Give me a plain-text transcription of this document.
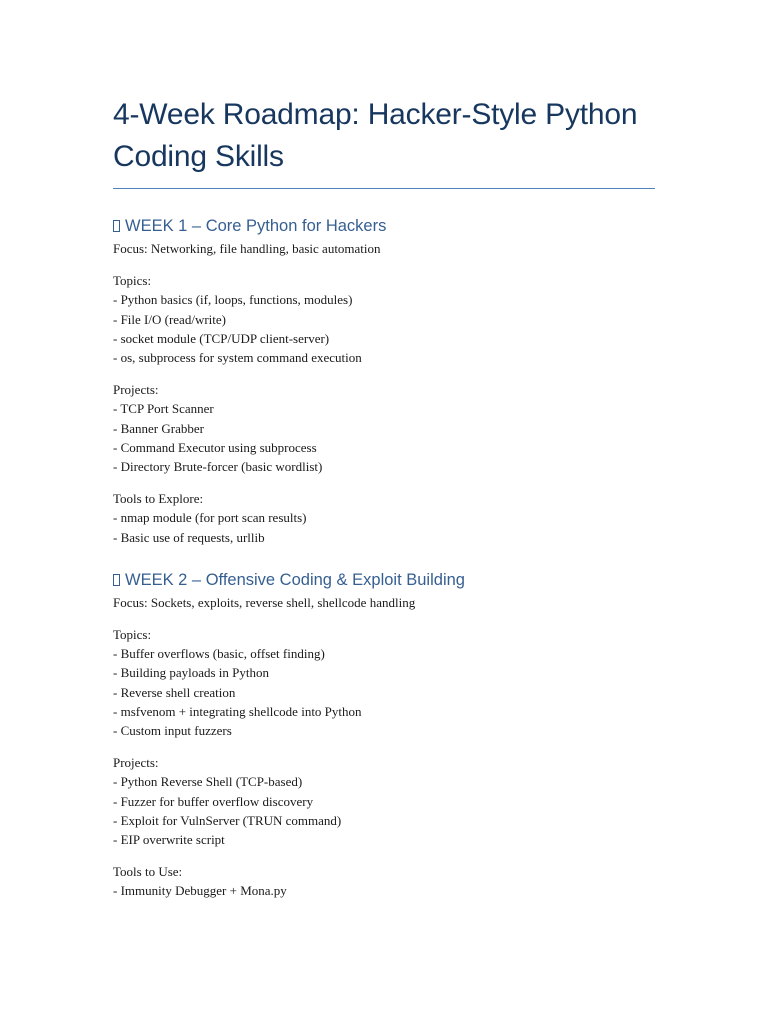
4-Week Roadmap: Hacker-Style Python Coding Skills
WEEK 1 – Core Python for Hackers

Focus: Networking, file handling, basic automation

Topics:

- Python basics (if, loops, functions, modules)
- File I/O (read/write)
- socket module (TCP/UDP client-server)
- os, subprocess for system command execution

Projects:

- TCP Port Scanner
- Banner Grabber
- Command Executor using subprocess
- Directory Brute-forcer (basic wordlist)

Tools to Explore:

- nmap module (for port scan results)
- Basic use of requests, urllib
WEEK 2 – Offensive Coding & Exploit Building

Focus: Sockets, exploits, reverse shell, shellcode handling

Topics:

- Buffer overflows (basic, offset finding)
- Building payloads in Python
- Reverse shell creation
- msfvenom + integrating shellcode into Python
- Custom input fuzzers

Projects:

- Python Reverse Shell (TCP-based)
- Fuzzer for buffer overflow discovery
- Exploit for VulnServer (TRUN command)
- EIP overwrite script

Tools to Use:

- Immunity Debugger + Mona.py
